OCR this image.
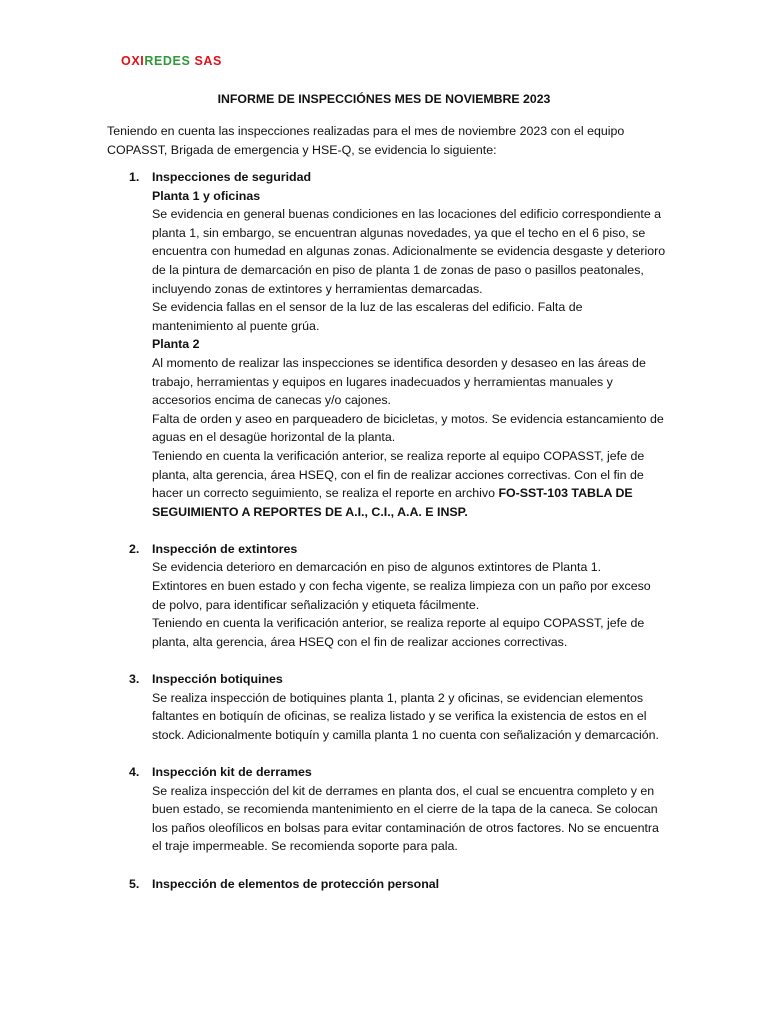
OXIREDES SAS
INFORME DE INSPECCIÓNES MES DE NOVIEMBRE 2023

Teniendo en cuenta las inspecciones realizadas para el mes de noviembre 2023 con el equipo COPASST, Brigada de emergencia y HSE-Q, se evidencia lo siguiente:

1. Inspecciones de seguridad
Planta 1 y oficinas

Se evidencia en general buenas condiciones en las locaciones del edificio correspondiente a planta 1, sin embargo, se encuentran algunas novedades, ya que el techo en el 6 piso, se encuentra con humedad en algunas zonas. Adicionalmente se evidencia desgaste y deterioro de la pintura de demarcación en piso de planta 1 de zonas de paso o pasillos peatonales, incluyendo zonas de extintores y herramientas demarcadas.

Se evidencia fallas en el sensor de la luz de las escaleras del edificio. Falta de mantenimiento al puente grúa.

Planta 2

Al momento de realizar las inspecciones se identifica desorden y desaseo en las áreas de trabajo, herramientas y equipos en lugares inadecuados y herramientas manuales y accesorios encima de canecas y/o cajones.

Falta de orden y aseo en parqueadero de bicicletas, y motos. Se evidencia estancamiento de aguas en el desagüe horizontal de la planta.

Teniendo en cuenta la verificación anterior, se realiza reporte al equipo COPASST, jefe de planta, alta gerencia, área HSEQ, con el fin de realizar acciones correctivas. Con el fin de hacer un correcto seguimiento, se realiza el reporte en archivo FO-SST-103 TABLA DE SEGUIMIENTO A REPORTES DE A.I., C.I., A.A. E INSP.

2. Inspección de extintores

Se evidencia deterioro en demarcación en piso de algunos extintores de Planta 1.

Extintores en buen estado y con fecha vigente, se realiza limpieza con un paño por exceso de polvo, para identificar señalización y etiqueta fácilmente.

Teniendo en cuenta la verificación anterior, se realiza reporte al equipo COPASST, jefe de planta, alta gerencia, área HSEQ con el fin de realizar acciones correctivas.

3. Inspección botiquines

Se realiza inspección de botiquines planta 1, planta 2 y oficinas, se evidencian elementos faltantes en botiquín de oficinas, se realiza listado y se verifica la existencia de estos en el stock. Adicionalmente botiquín y camilla planta 1 no cuenta con señalización y demarcación.

4. Inspección kit de derrames

Se realiza inspección del kit de derrames en planta dos, el cual se encuentra completo y en buen estado, se recomienda mantenimiento en el cierre de la tapa de la caneca. Se colocan los paños oleofílicos en bolsas para evitar contaminación de otros factores. No se encuentra el traje impermeable. Se recomienda soporte para pala.

5. Inspección de elementos de protección personal
